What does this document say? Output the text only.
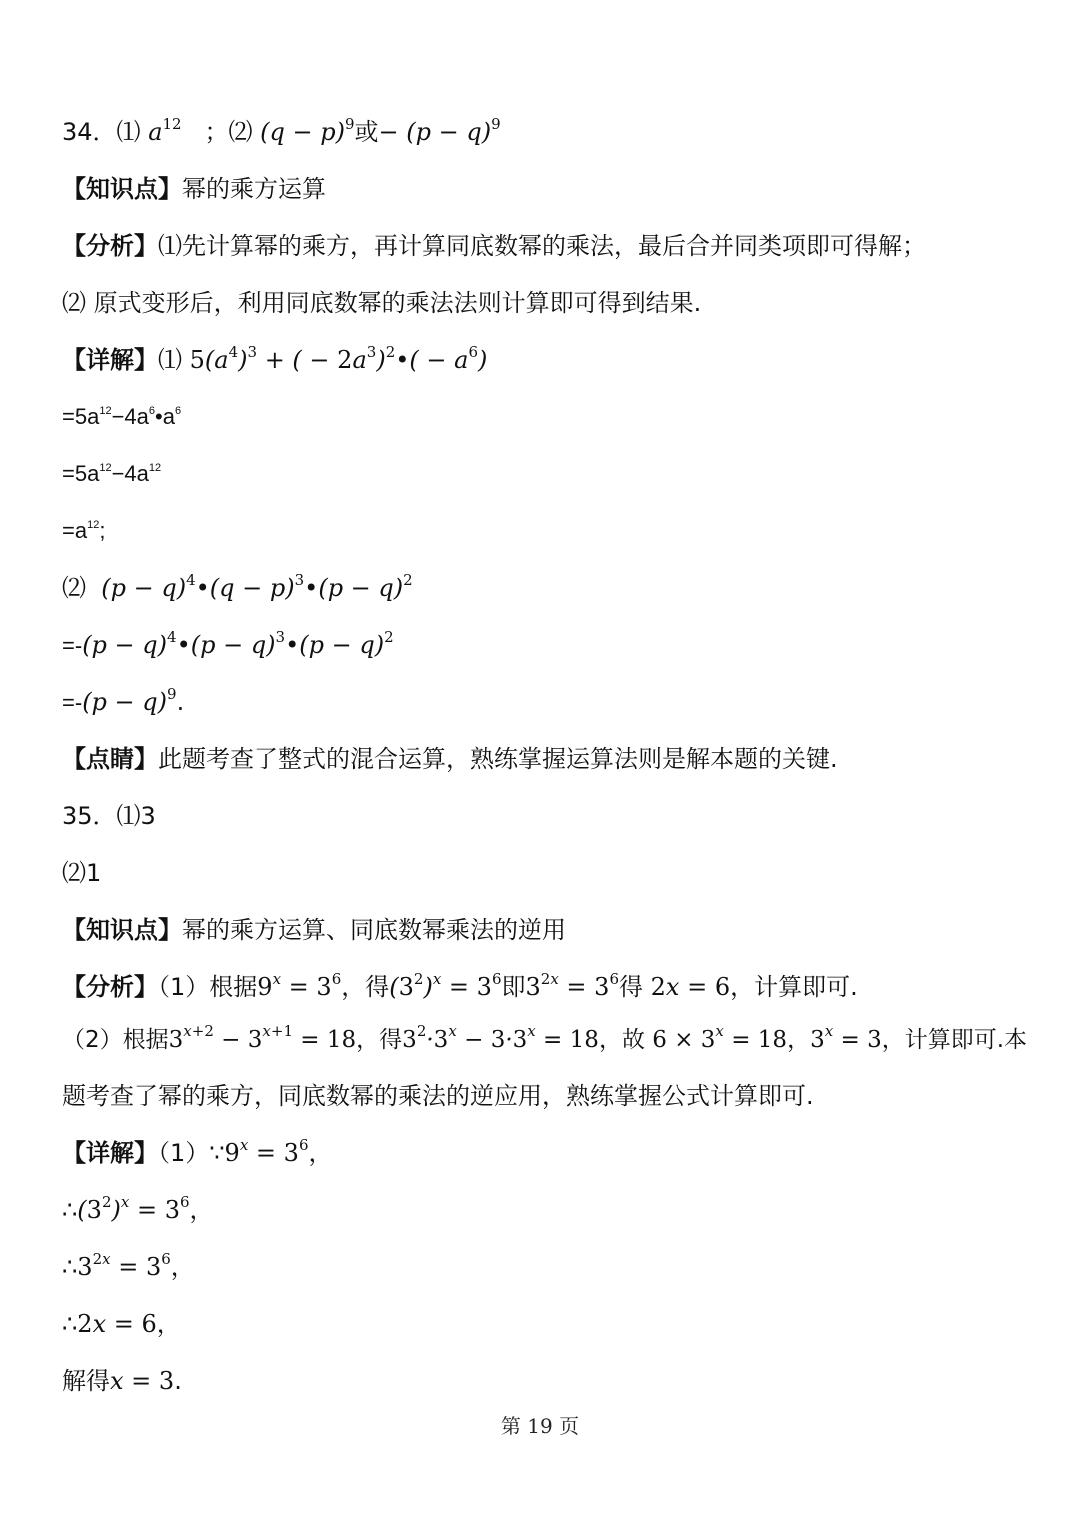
34．⑴ $a^{12}$ ；⑵ $(q - p)^9$或− $(p - q)^9$
【知识点】幂的乘方运算
【分析】⑴先计算幂的乘方，再计算同底数幂的乘法，最后合并同类项即可得解；
⑵ 原式变形后，利用同底数幂的乘法法则计算即可得到结果.
【详解】⑴ $5(a^4)^3$ + ( − $2a^3)^2•( - a^6)$
$=5a^{12}-4a^6•a^6$
$=5a^{12}-4a^{12}$
$=a^{12}$;
⑵ $(p - q)^4•(q$ − p)$^3$•(p − q)$^2$
$=-(p - q)^4•(p$ − q)$^3$•(p − q)$^2$
$=-(p - q)^9$.
【点睛】此题考查了整式的混合运算，熟练掌握运算法则是解本题的关键.
35．⑴3
⑵1
【知识点】幂的乘方运算、同底数幂乘法的逆用
【分析】（1）根据$9^x = 3^6$，得$(3^2)^x = 3^6$即$3^{2x} = 3^6$得 2x = 6，计算即可.
（2）根据$3^{x+2} - 3^{x+1} = 18$，得$3^2\cdot 3^x - 3\cdot 3^x = 18$，故 $6 \times 3^x = 18$，$3^x = 3$，计算即可.本
题考查了幂的乘方，同底数幂的乘法的逆应用，熟练掌握公式计算即可.
【详解】$(1)\because 9^x = 3^6$，
$\therefore(3^2)^x = 3^6$，
$\therefore 3^{2x} = 3^6$，
∴2x = 6，
解得x = 3.
第 19 页
